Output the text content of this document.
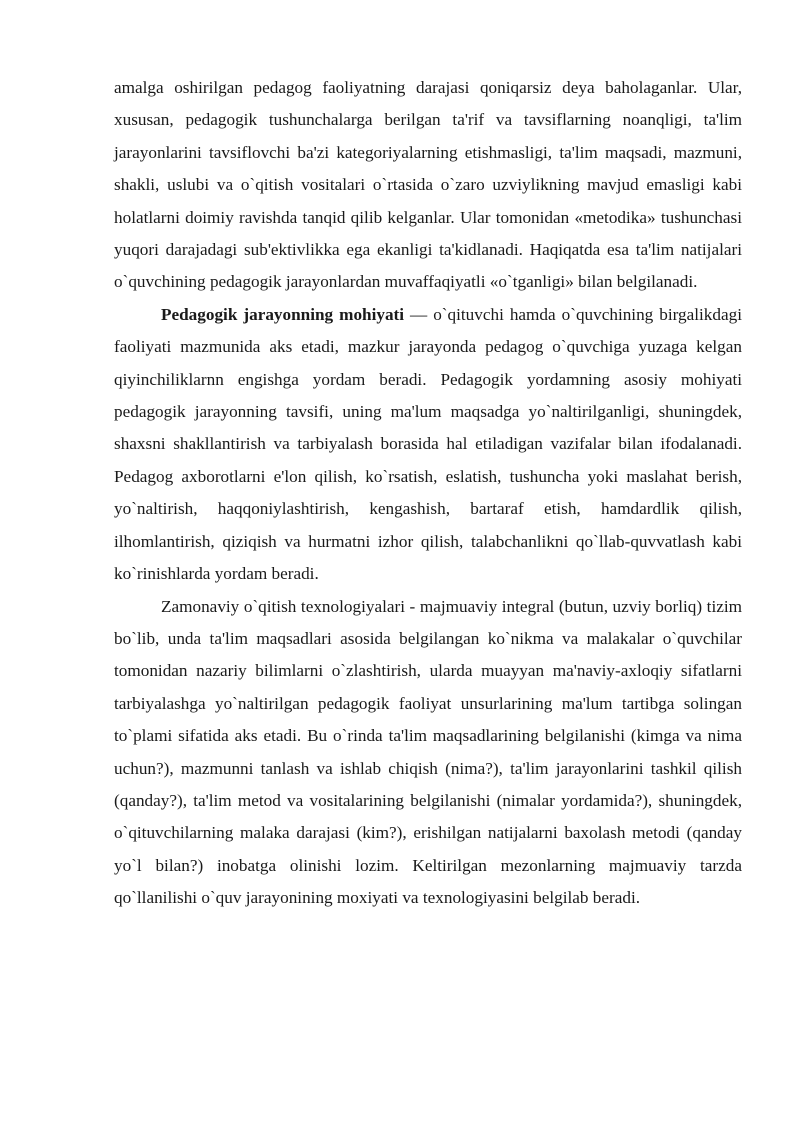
amalga oshirilgan pedagog faoliyatning darajasi qoniqarsiz deya baholaganlar. Ular, xususan, pedagogik tushunchalarga berilgan ta'rif va tavsiflarning noanqligi, ta'lim jarayonlarini tavsiflovchi ba'zi kategoriyalarning etishmasligi, ta'lim maqsadi, mazmuni, shakli, uslubi va o`qitish vositalari o`rtasida o`zaro uzviylikning mavjud emasligi kabi holatlarni doimiy ravishda tanqid qilib kelganlar. Ular tomonidan «metodika» tushunchasi yuqori darajadagi sub'ektivlikka ega ekanligi ta'kidlanadi. Haqiqatda esa ta'lim natijalari o`quvchining pedagogik jarayonlardan muvaffaqiyatli «o`tganligi» bilan belgilanadi.

Pedagogik jarayonning mohiyati — o`qituvchi hamda o`quvchining birgalikdagi faoliyati mazmunida aks etadi, mazkur jarayonda pedagog o`quvchiga yuzaga kelgan qiyinchiliklarnn engishga yordam beradi. Pedagogik yordamning asosiy mohiyati pedagogik jarayonning tavsifi, uning ma'lum maqsadga yo`naltirilganligi, shuningdek, shaxsni shakllantirish va tarbiyalash borasida hal etiladigan vazifalar bilan ifodalanadi. Pedagog axborotlarni e'lon qilish, ko`rsatish, eslatish, tushuncha yoki maslahat berish, yo`naltirish, haqqoniylashtirish, kengashish, bartaraf etish, hamdardlik qilish, ilhomlantirish, qiziqish va hurmatni izhor qilish, talabchanlikni qo`llab-quvvatlash kabi ko`rinishlarda yordam beradi.

Zamonaviy o`qitish texnologiyalari - majmuaviy integral (butun, uzviy borliq) tizim bo`lib, unda ta'lim maqsadlari asosida belgilangan ko`nikma va malakalar o`quvchilar tomonidan nazariy bilimlarni o`zlashtirish, ularda muayyan ma'naviy-axloqiy sifatlarni tarbiyalashga yo`naltirilgan pedagogik faoliyat unsurlarining ma'lum tartibga solingan to`plami sifatida aks etadi. Bu o`rinda ta'lim maqsadlarining belgilanishi (kimga va nima uchun?), mazmunni tanlash va ishlab chiqish (nima?), ta'lim jarayonlarini tashkil qilish (qanday?), ta'lim metod va vositalarining belgilanishi (nimalar yordamida?), shuningdek, o`qituvchilarning malaka darajasi (kim?), erishilgan natijalarni baxolash metodi (qanday yo`l bilan?) inobatga olinishi lozim. Keltirilgan mezonlarning majmuaviy tarzda qo`llanilishi o`quv jarayonining moxiyati va texnologiyasini belgilab beradi.
